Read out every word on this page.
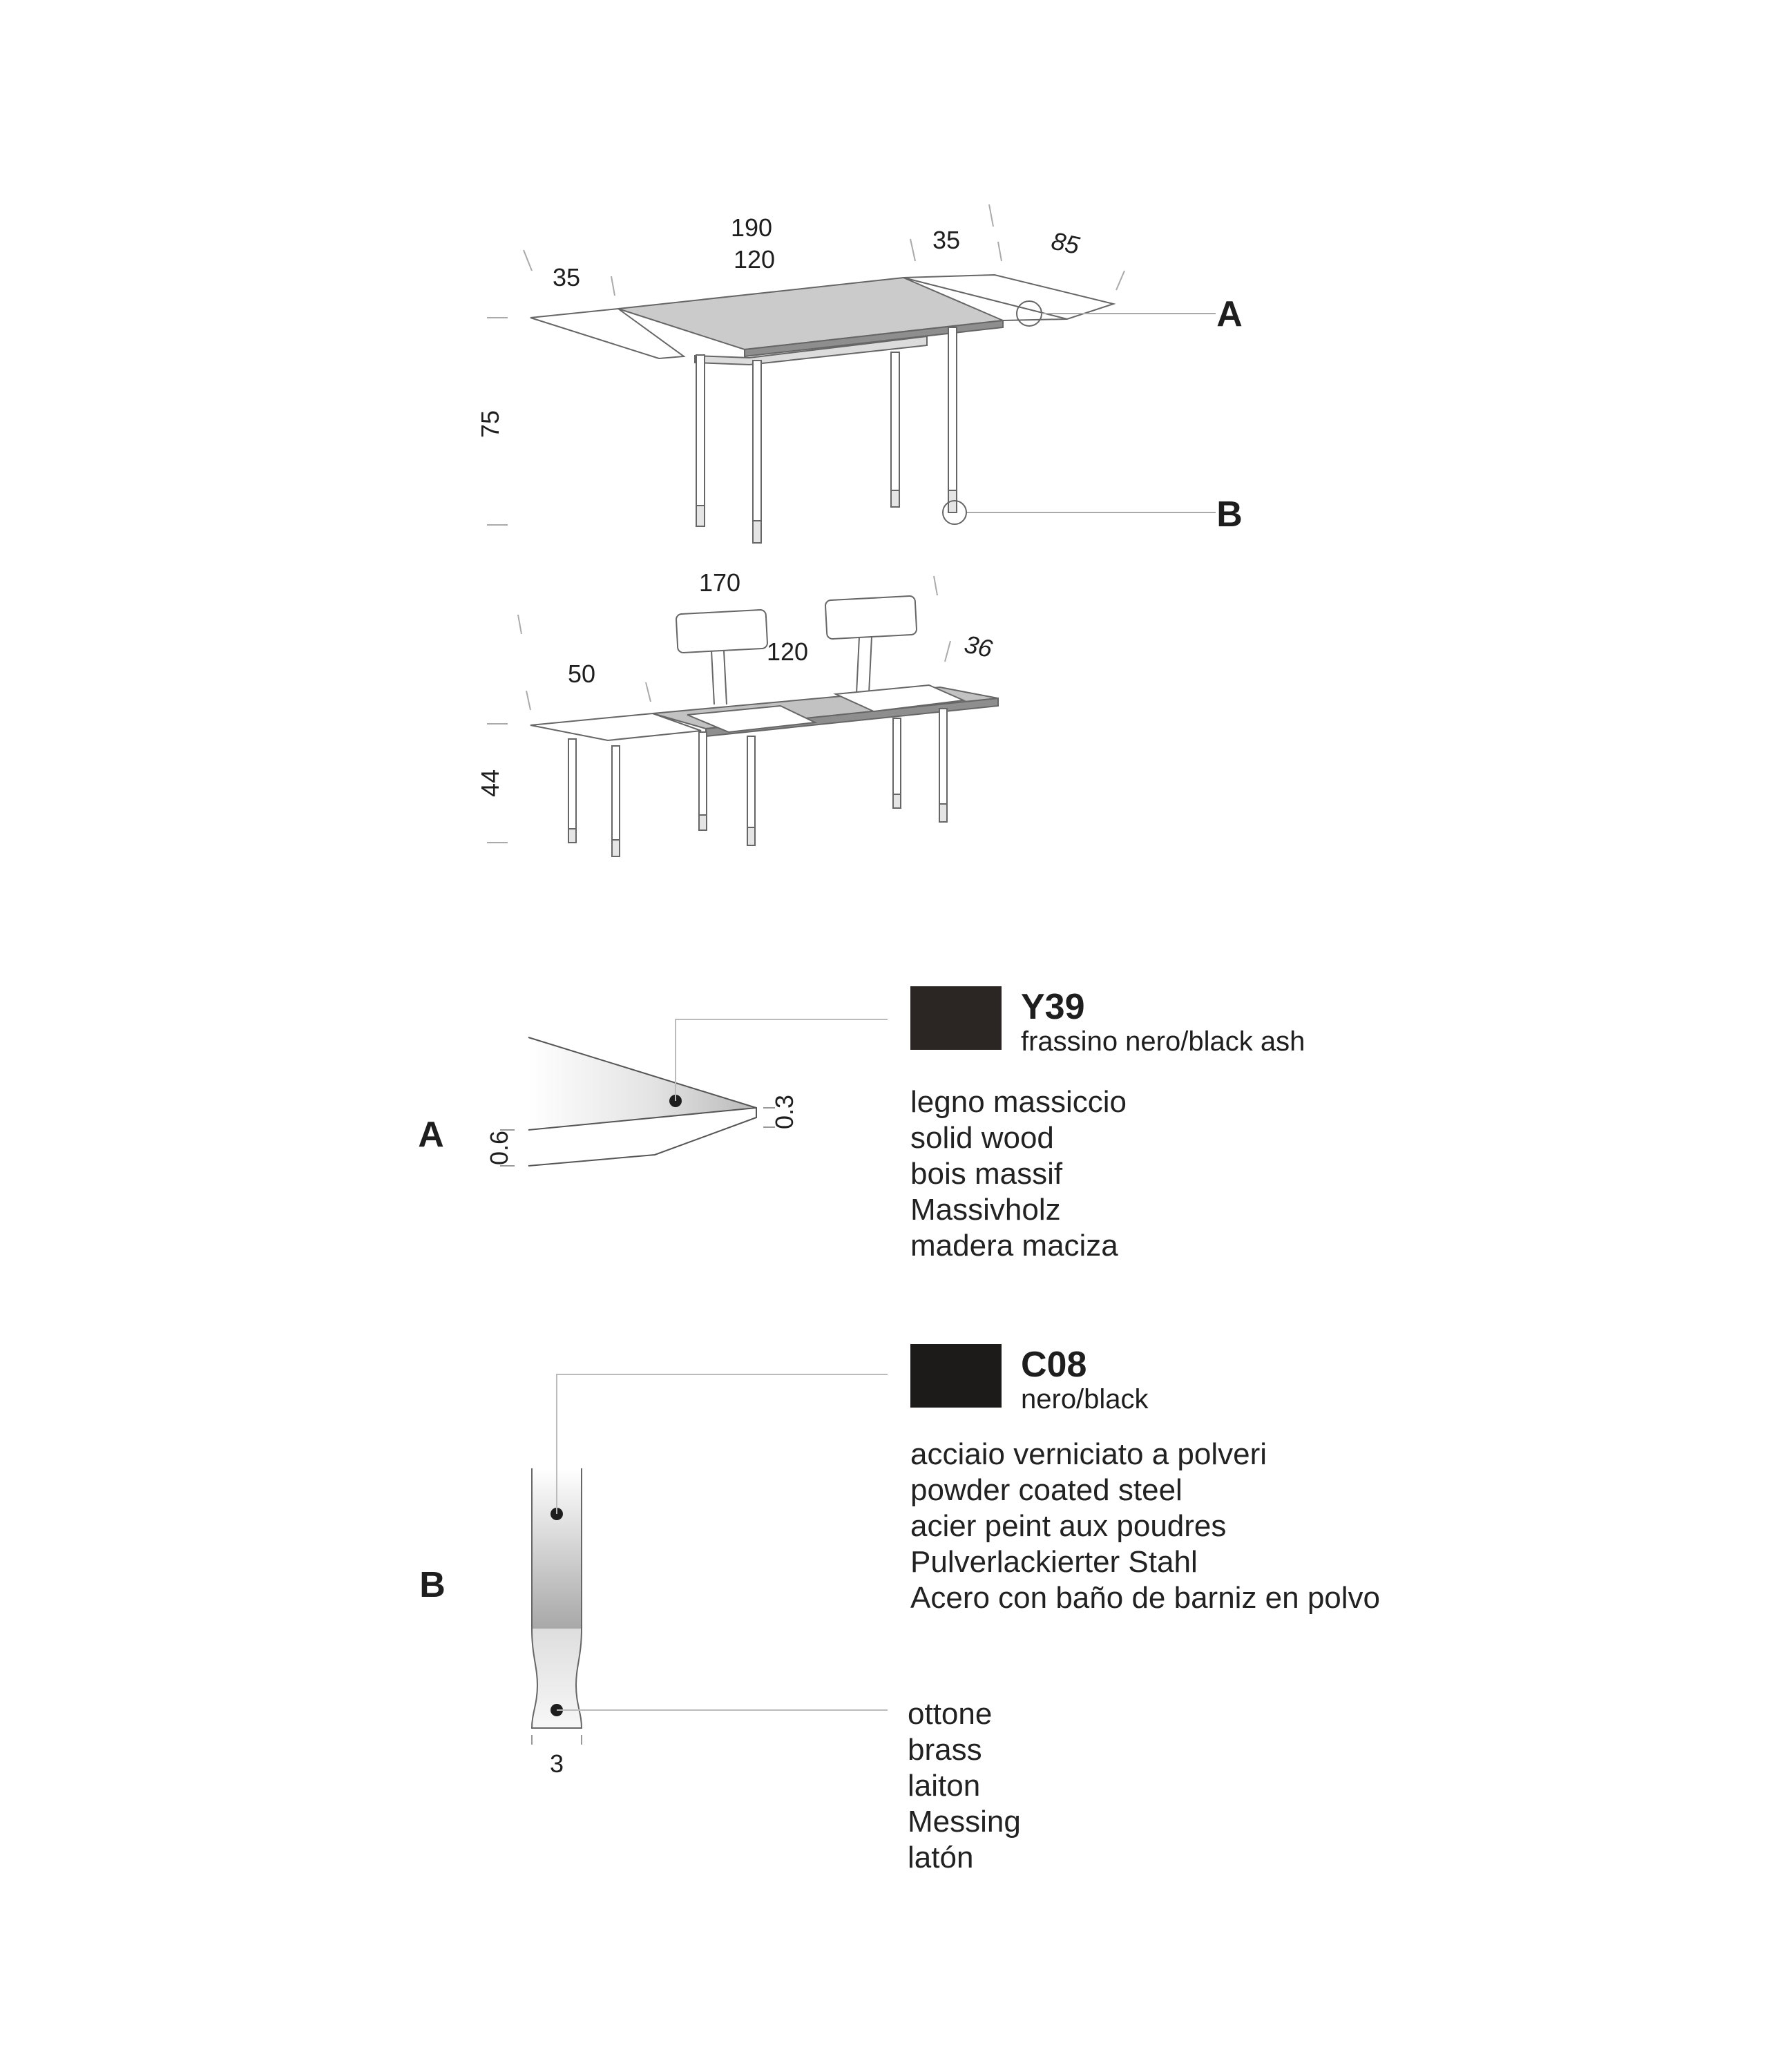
190
120
35
35	85
75
A
B
170
120
50
36
44
A 0.6
0.3
B
3
Y39
frassino nero/black ash
legno massiccio
solid wood
bois massif
Massivholz
madera maciza
C08
nero/black
acciaio verniciato a polveri
powder coated steel
acier peint aux poudres
Pulverlackierter Stahl
Acero con baño de barniz en polvo
ottone
brass
laiton
Messing
latón
